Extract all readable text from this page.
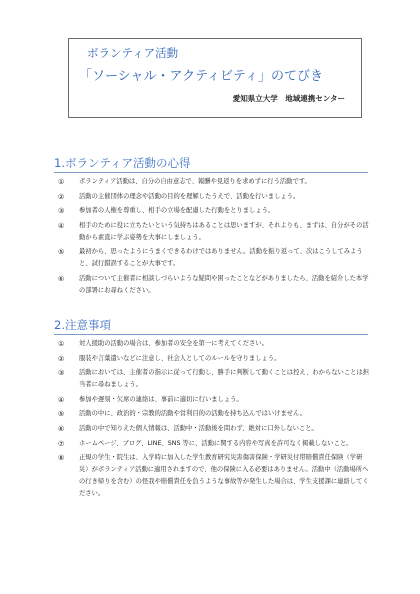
ボランティア活動
「ソーシャル・アクティビティ」のてびき
愛知県立大学　地域連携センター
1.ボランティア活動の心得
① ボランティア活動は、自分の自由意志で、報酬や見返りを求めずに行う活動です。
② 活動の主催団体の理念や活動の目的を理解したうえで、活動を行いましょう。
③ 参加者の人権を尊重し、相手の立場を配慮した行動をとりましょう。
④ 相手のために役に立ちたいという気持ちはあることは思いますが、それよりも、まずは、自分がその活動から素直に学ぶ姿勢を大事にしましょう。
⑤ 最初から、思ったようにうまくできるわけではありません。活動を振り返って、次はこうしてみようと、試行錯誤することが大事です。
⑥ 活動について主催者に相談しづらいような疑問や困ったことなどがありましたら、活動を紹介した本学の部署にお尋ねください。
2.注意事項
① 対人援助の活動の場合は、参加者の安全を第一に考えてください。
② 服装や言葉遣いなどに注意し、社会人としてのルールを守りましょう。
③ 活動においては、主催者の指示に従って行動し、勝手に判断して動くことは控え、わからないことは担当者に尋ねましょう。
④ 参加や遅刻・欠席の連絡は、事前に適切に行いましょう。
⑤ 活動の中に、政治的・宗教的活動や営利目的の活動を持ち込んではいけません。
⑥ 活動の中で知りえた個人情報は、活動中・活動後を問わず、絶対に口外しないこと。
⑦ ホームページ、ブログ、LINE、SNS 等に、活動に関する内容や写真を許可なく掲載しないこと。
⑧ 正規の学生・院生は、入学時に加入した学生教育研究災害傷害保険・学研災付帯賠償責任保険（学研災）がボランティア活動に適用されますので、他の保険に入る必要はありません。活動中（活動場所への行き帰りを含む）の怪我や賠償責任を負うような事故等が発生した場合は、学生支援課に連絡してください。
